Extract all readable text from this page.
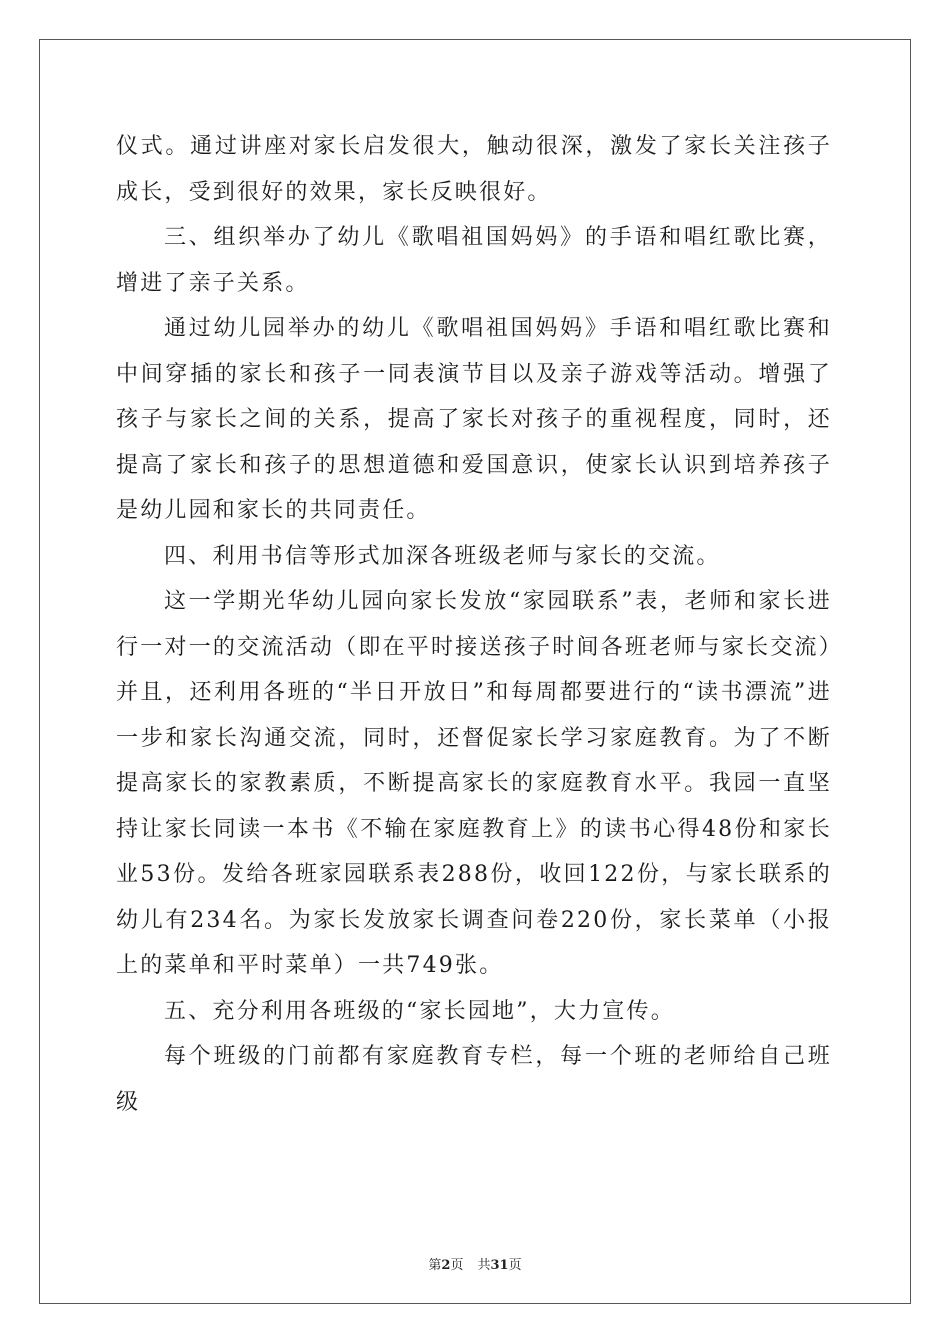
仪式。通过讲座对家长启发很大，触动很深，激发了家长关注孩子成长，受到很好的效果，家长反映很好。

三、组织举办了幼儿《歌唱祖国妈妈》的手语和唱红歌比赛，增进了亲子关系。

通过幼儿园举办的幼儿《歌唱祖国妈妈》手语和唱红歌比赛和中间穿插的家长和孩子一同表演节目以及亲子游戏等活动。增强了孩子与家长之间的关系，提高了家长对孩子的重视程度，同时，还提高了家长和孩子的思想道德和爱国意识，使家长认识到培养孩子是幼儿园和家长的共同责任。

四、利用书信等形式加深各班级老师与家长的交流。

这一学期光华幼儿园向家长发放“家园联系”表，老师和家长进行一对一的交流活动（即在平时接送孩子时间各班老师与家长交流）并且，还利用各班的“半日开放日”和每周都要进行的“读书漂流”进一步和家长沟通交流，同时，还督促家长学习家庭教育。为了不断提高家长的家教素质，不断提高家长的家庭教育水平。我园一直坚持让家长同读一本书《不输在家庭教育上》的读书心得48份和家长业53份。发给各班家园联系表288份，收回122份，与家长联系的幼儿有234名。为家长发放家长调查问卷220份，家长菜单（小报上的菜单和平时菜单）一共749张。

五、充分利用各班级的“家长园地”，大力宣传。

每个班级的门前都有家庭教育专栏，每一个班的老师给自己班级

第2页 共31页
